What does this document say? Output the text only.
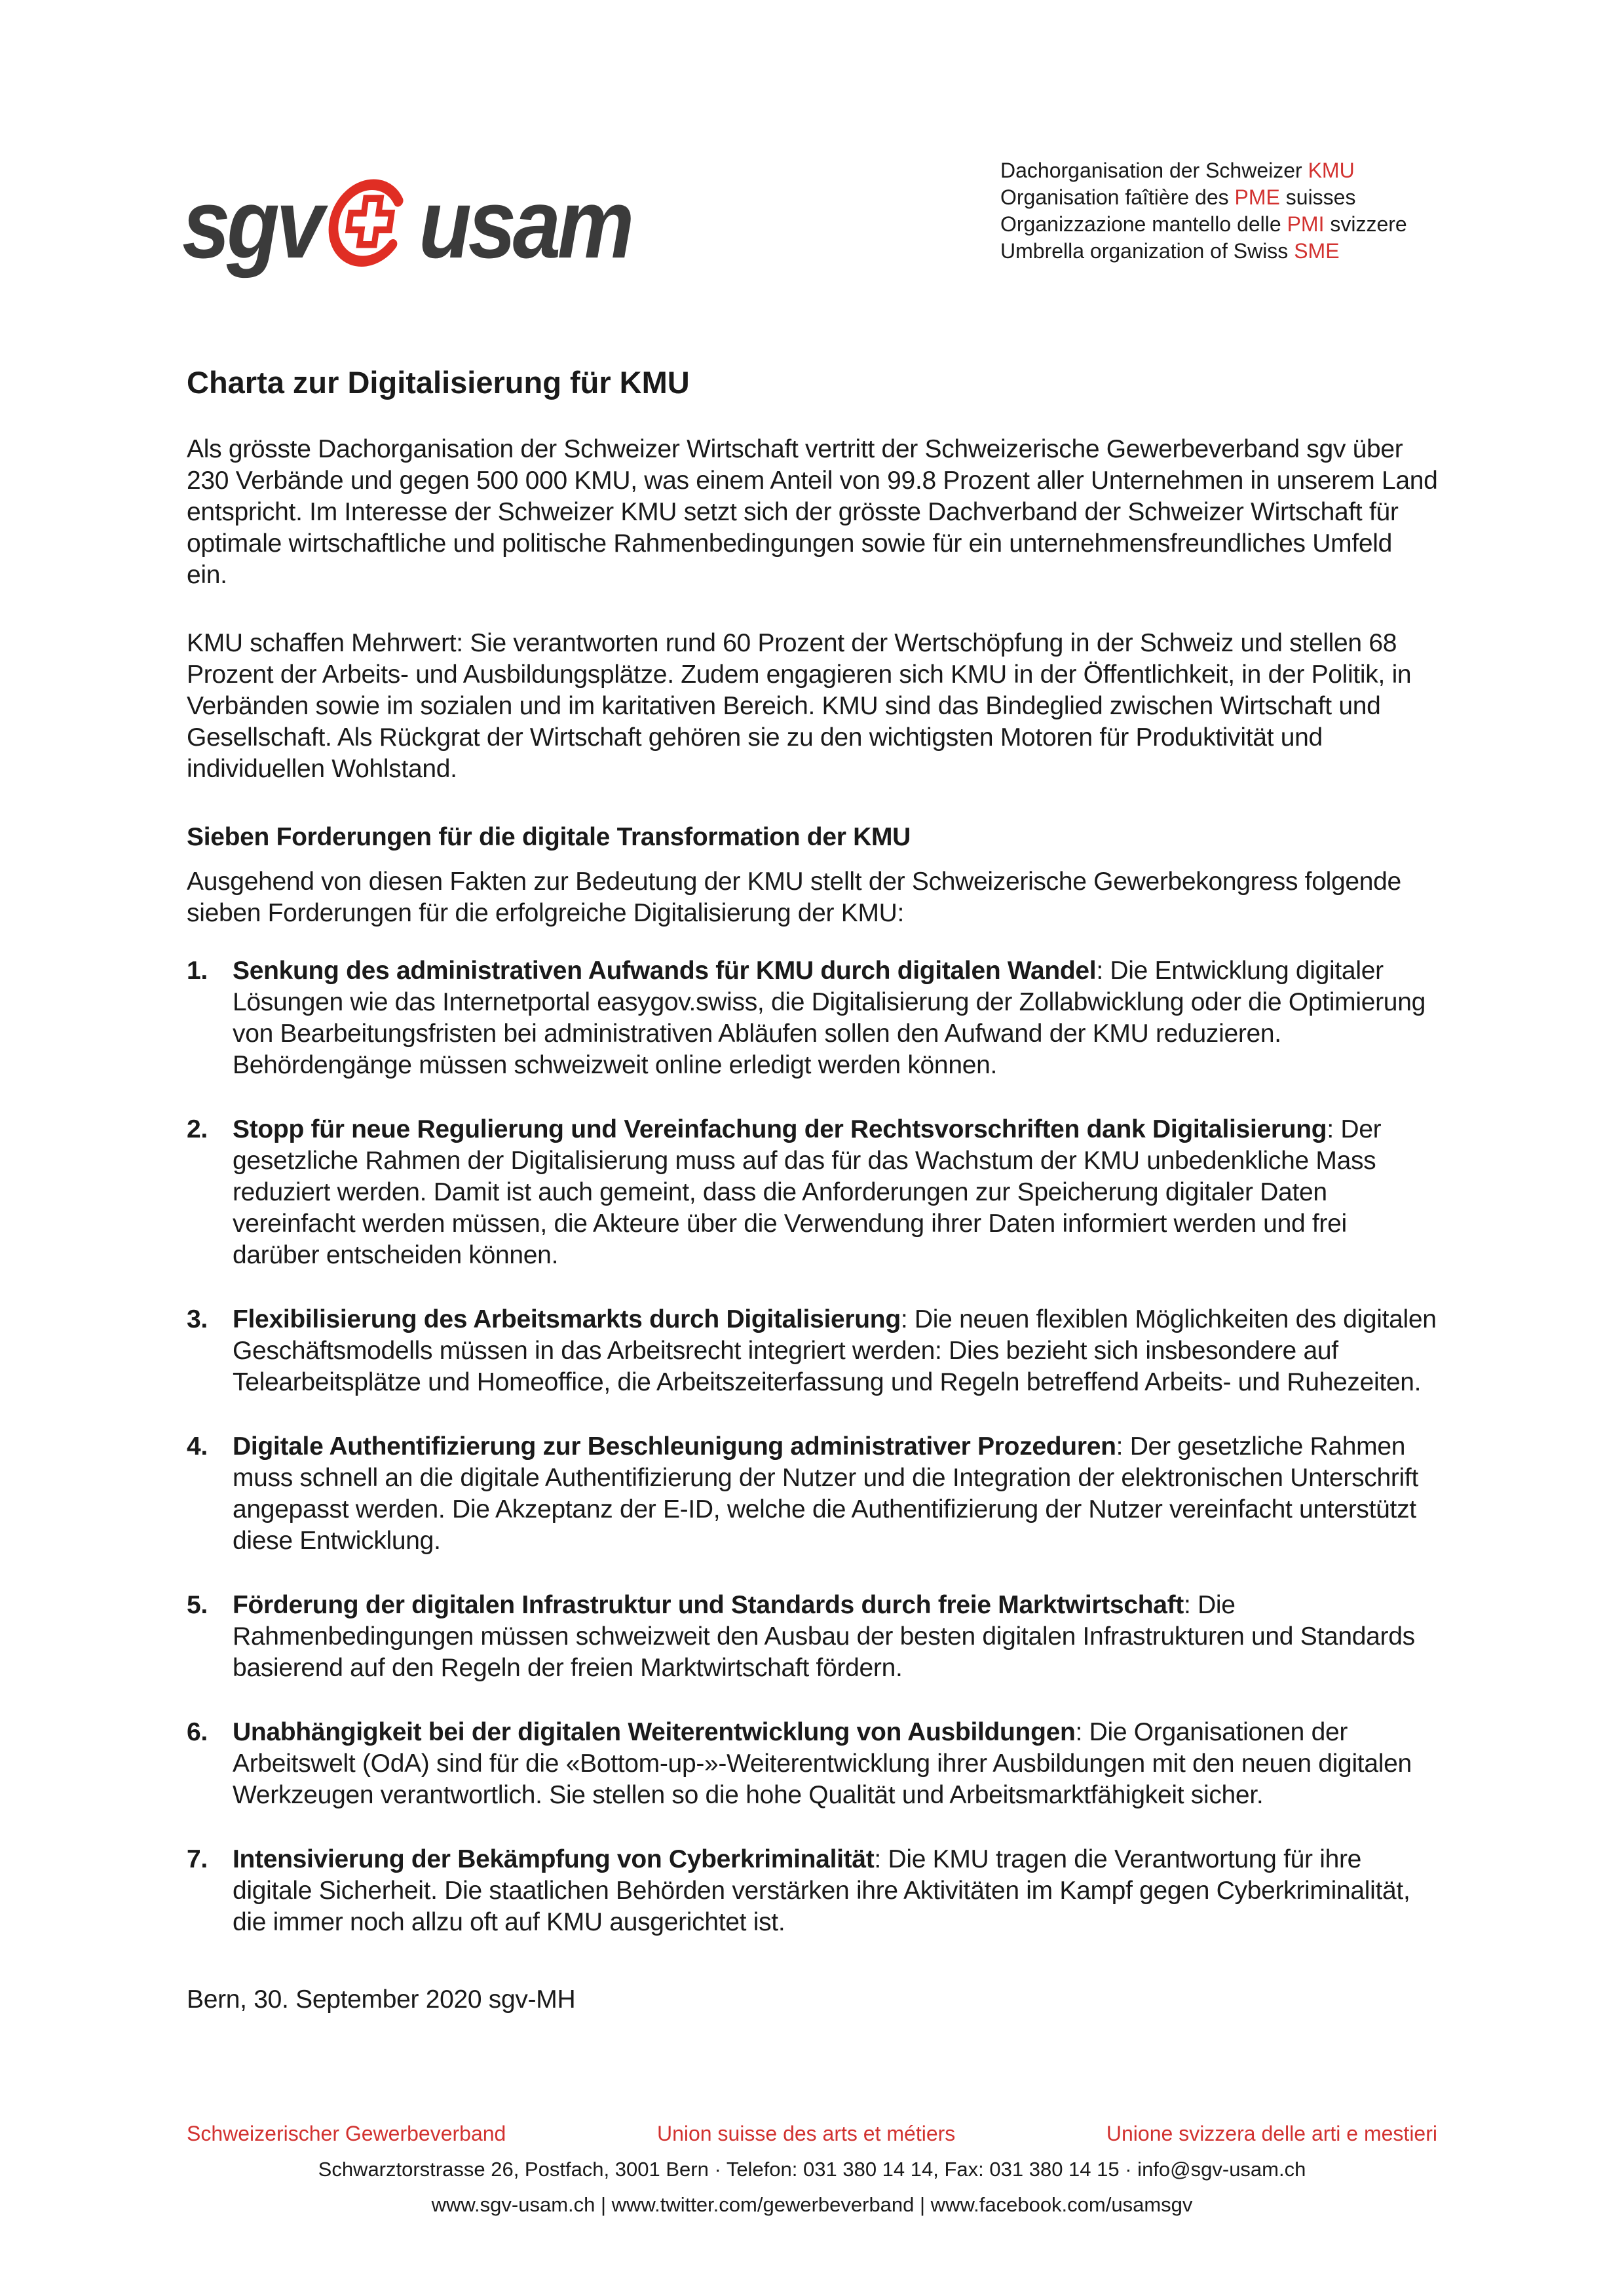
sgv usam	Dachorganisation der Schweizer KMU
Organisation faîtière des PME suisses
Organizzazione mantello delle PMI svizzere
Umbrella organization of Swiss SME
Charta zur Digitalisierung für KMU

Als grösste Dachorganisation der Schweizer Wirtschaft vertritt der Schweizerische Gewerbeverband sgv über 230 Verbände und gegen 500 000 KMU, was einem Anteil von 99.8 Prozent aller Unternehmen in unserem Land entspricht. Im Interesse der Schweizer KMU setzt sich der grösste Dachverband der Schweizer Wirtschaft für optimale wirtschaftliche und politische Rahmenbedingungen sowie für ein unternehmensfreundliches Umfeld ein.

KMU schaffen Mehrwert: Sie verantworten rund 60 Prozent der Wertschöpfung in der Schweiz und stellen 68 Prozent der Arbeits- und Ausbildungsplätze. Zudem engagieren sich KMU in der Öffentlichkeit, in der Politik, in Verbänden sowie im sozialen und im karitativen Bereich. KMU sind das Bindeglied zwischen Wirtschaft und Gesellschaft. Als Rückgrat der Wirtschaft gehören sie zu den wichtigsten Motoren für Produktivität und individuellen Wohlstand.

Sieben Forderungen für die digitale Transformation der KMU

Ausgehend von diesen Fakten zur Bedeutung der KMU stellt der Schweizerische Gewerbekongress folgende sieben Forderungen für die erfolgreiche Digitalisierung der KMU:

1. Senkung des administrativen Aufwands für KMU durch digitalen Wandel: Die Entwicklung digitaler Lösungen wie das Internetportal easygov.swiss, die Digitalisierung der Zollabwicklung oder die Optimierung von Bearbeitungsfristen bei administrativen Abläufen sollen den Aufwand der KMU reduzieren. Behördengänge müssen schweizweit online erledigt werden können.
2. Stopp für neue Regulierung und Vereinfachung der Rechtsvorschriften dank Digitalisierung: Der gesetzliche Rahmen der Digitalisierung muss auf das für das Wachstum der KMU unbedenkliche Mass reduziert werden. Damit ist auch gemeint, dass die Anforderungen zur Speicherung digitaler Daten vereinfacht werden müssen, die Akteure über die Verwendung ihrer Daten informiert werden und frei darüber entscheiden können.
3. Flexibilisierung des Arbeitsmarkts durch Digitalisierung: Die neuen flexiblen Möglichkeiten des digitalen Geschäftsmodells müssen in das Arbeitsrecht integriert werden: Dies bezieht sich insbesondere auf Telearbeitsplätze und Homeoffice, die Arbeitszeiterfassung und Regeln betreffend Arbeits- und Ruhezeiten.
4. Digitale Authentifizierung zur Beschleunigung administrativer Prozeduren: Der gesetzliche Rahmen muss schnell an die digitale Authentifizierung der Nutzer und die Integration der elektronischen Unterschrift angepasst werden. Die Akzeptanz der E-ID, welche die Authentifizierung der Nutzer vereinfacht unterstützt diese Entwicklung.
5. Förderung der digitalen Infrastruktur und Standards durch freie Marktwirtschaft: Die Rahmenbedingungen müssen schweizweit den Ausbau der besten digitalen Infrastrukturen und Standards basierend auf den Regeln der freien Marktwirtschaft fördern.
6. Unabhängigkeit bei der digitalen Weiterentwicklung von Ausbildungen: Die Organisationen der Arbeitswelt (OdA) sind für die «Bottom-up-»-Weiterentwicklung ihrer Ausbildungen mit den neuen digitalen Werkzeugen verantwortlich. Sie stellen so die hohe Qualität und Arbeitsmarktfähigkeit sicher.
7. Intensivierung der Bekämpfung von Cyberkriminalität: Die KMU tragen die Verantwortung für ihre digitale Sicherheit. Die staatlichen Behörden verstärken ihre Aktivitäten im Kampf gegen Cyberkriminalität, die immer noch allzu oft auf KMU ausgerichtet ist.

Bern, 30. September 2020 sgv-MH

Schweizerischer Gewerbeverband	Union suisse des arts et métiers	Unione svizzera delle arti e mestieri
Schwarztorstrasse 26, Postfach, 3001 Bern · Telefon: 031 380 14 14, Fax: 031 380 14 15 · info@sgv-usam.ch
www.sgv-usam.ch | www.twitter.com/gewerbeverband | www.facebook.com/usamsgv
